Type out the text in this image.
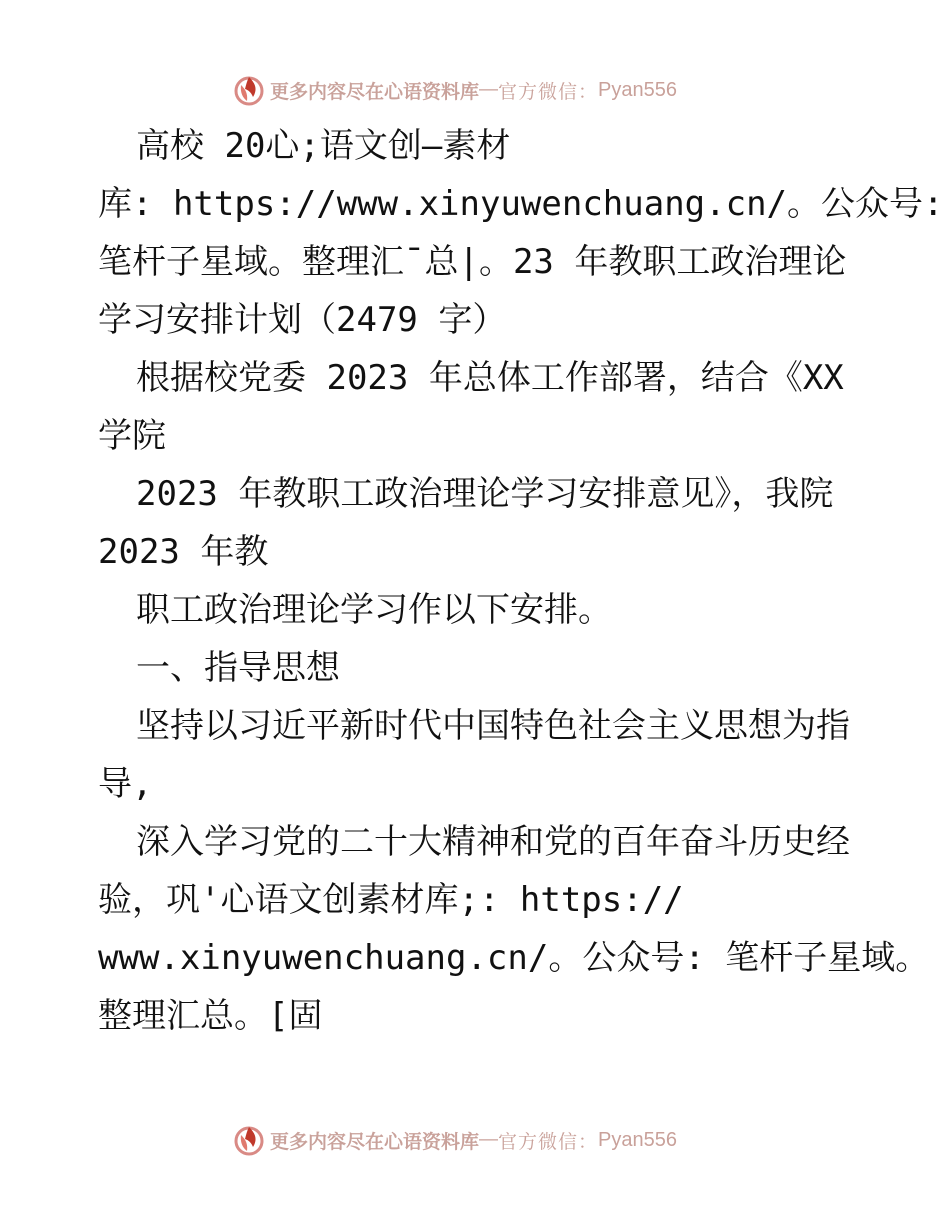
更多内容尽在心语资料库 — 官方微信： Pyan556
高校 20心;语文创—素材
库: https://www.xinyuwenchuang.cn/。公众号:
笔杆子星域。整理汇¯总|。23 年教职工政治理论
学习安排计划（2479 字）
根据校党委 2023 年总体工作部署，结合《XX
学院
2023 年教职工政治理论学习安排意见》，我院
2023 年教
职工政治理论学习作以下安排。
一、指导思想
坚持以习近平新时代中国特色社会主义思想为指
导,
深入学习党的二十大精神和党的百年奋斗历史经
验，巩'心语文创素材库;: https://
www.xinyuwenchuang.cn/。公众号: 笔杆子星域。
整理汇总。[固
更多内容尽在心语资料库 — 官方微信： Pyan556
